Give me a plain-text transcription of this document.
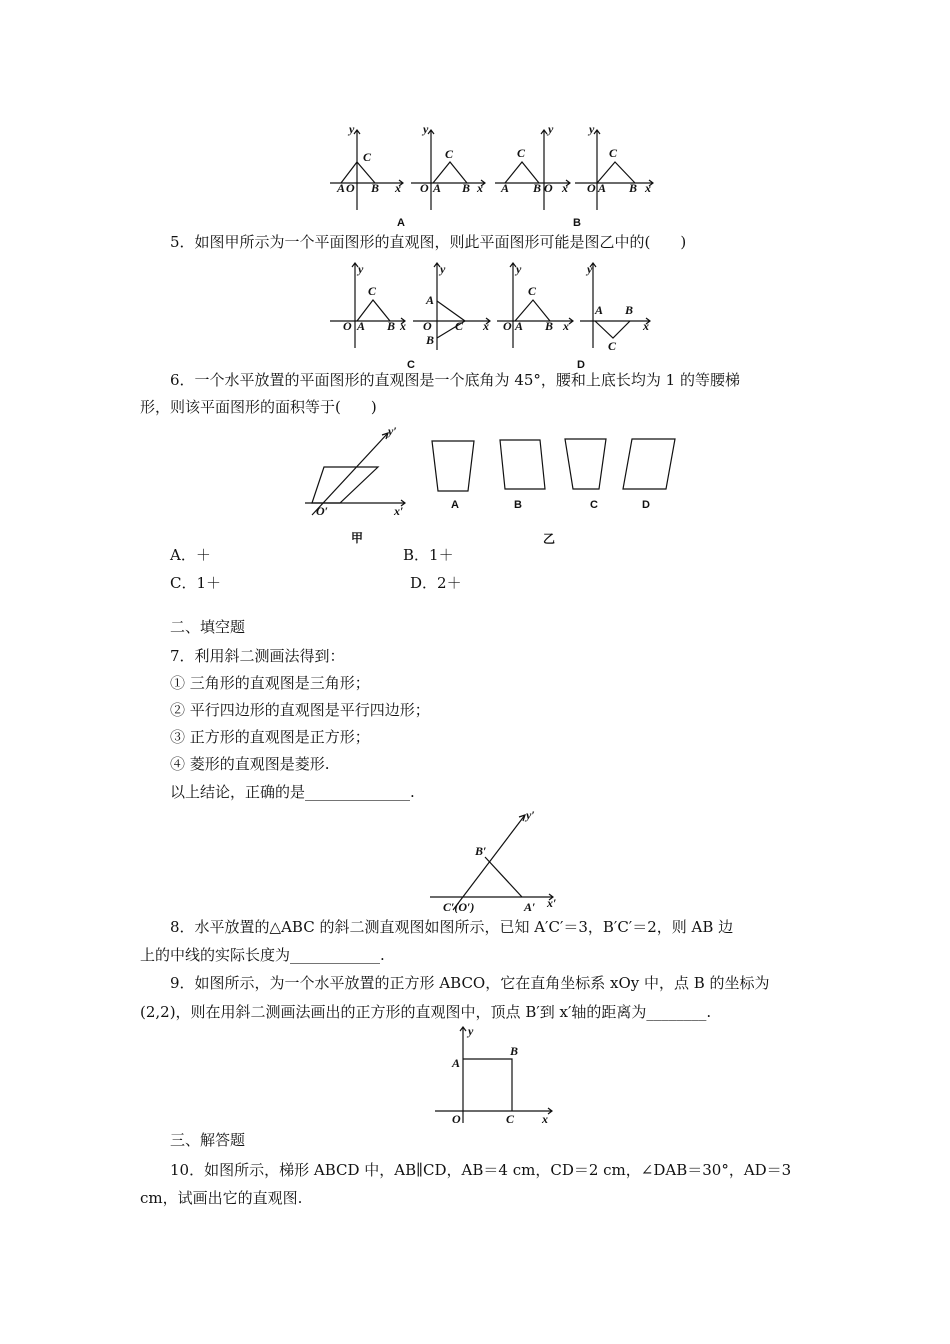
y
C
A O B x
y
C
O A B x
y
C
A B O x
y
C
O A B x
A	B
5．如图甲所示为一个平面图形的直观图，则此平面图形可能是图乙中的(　　)
y
C
O A B x
y
A
O C
B
x
y
C
O A B x
y
A B
C
x
C	D
6．一个水平放置的平面图形的直观图是一个底角为 45°，腰和上底长均为 1 的等腰梯
形，则该平面图形的面积等于(　　)
y′
O′	x′	A	B	C	D
甲	乙
A．＋	B．1＋
C．1＋	D．2＋
二、填空题
7．利用斜二测画法得到：
① 三角形的直观图是三角形；
② 平行四边形的直观图是平行四边形；
③ 正方形的直观图是正方形；
④ 菱形的直观图是菱形.
以上结论，正确的是______________.
y′
B′
C′(O′)	A′ x′
8．水平放置的△ABC 的斜二测直观图如图所示，已知 A′C′＝3，B′C′＝2，则 AB 边
上的中线的实际长度为____________.
9．如图所示，为一个水平放置的正方形 ABCO，它在直角坐标系 xOy 中，点 B 的坐标为
(2,2)，则在用斜二测画法画出的正方形的直观图中，顶点 B′到 x′轴的距离为________.
y
A
B
O	C x
三、解答题
10．如图所示，梯形 ABCD 中，AB∥CD，AB＝4 cm，CD＝2 cm，∠DAB＝30°，AD＝3
cm，试画出它的直观图.
